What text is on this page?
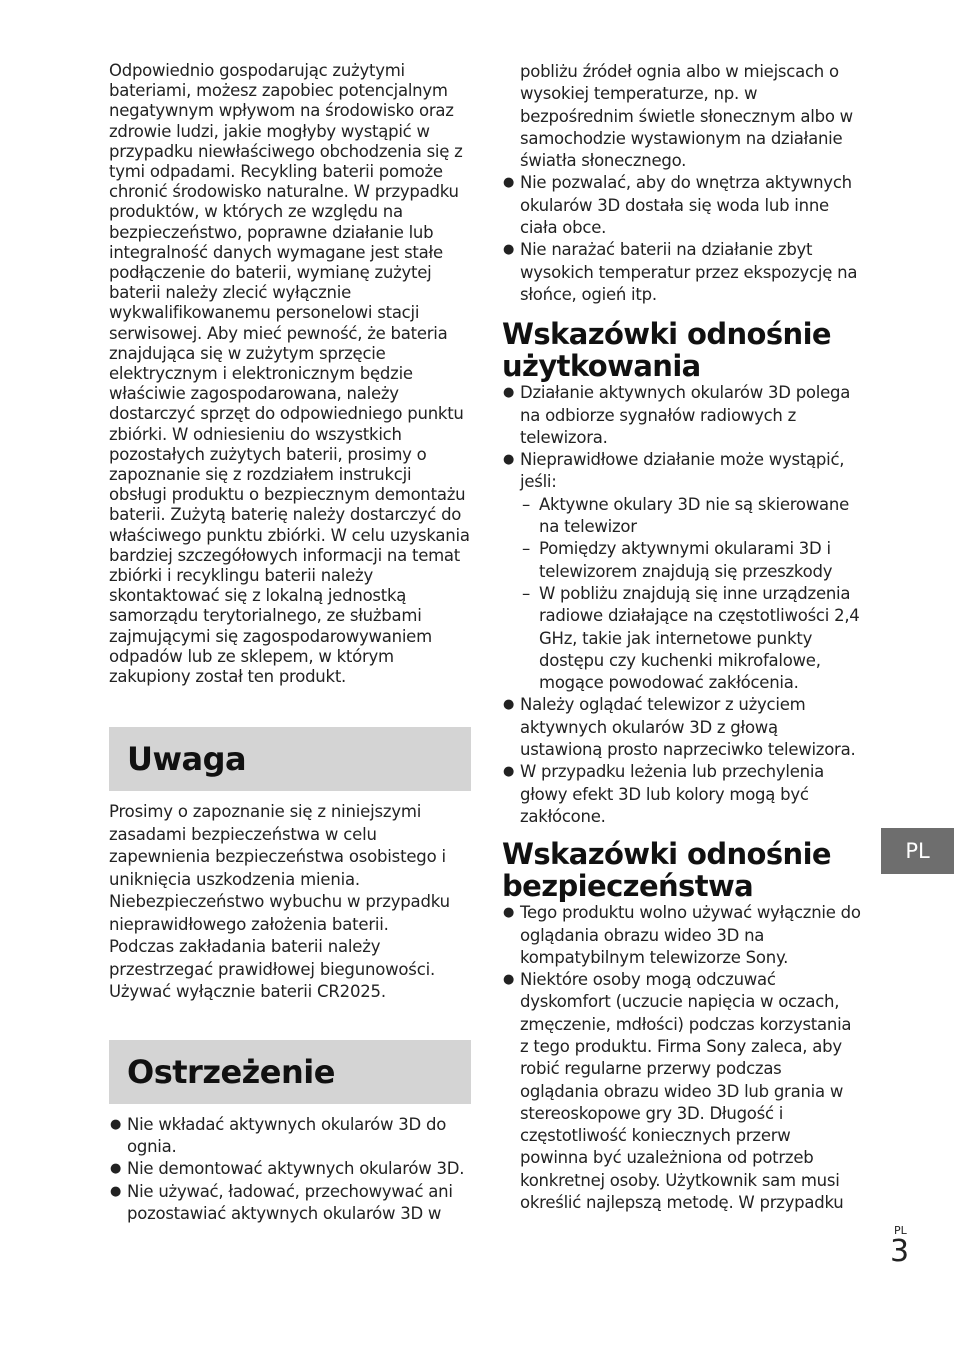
Odpowiednio gospodarując zużytymi bateriami, możesz zapobiec potencjalnym negatywnym wpływom na środowisko oraz zdrowie ludzi, jakie mogłyby wystąpić w przypadku niewłaściwego obchodzenia się z tymi odpadami. Recykling baterii pomoże chronić środowisko naturalne. W przypadku produktów, w których ze względu na bezpieczeństwo, poprawne działanie lub integralność danych wymagane jest stałe podłączenie do baterii, wymianę zużytej baterii należy zlecić wyłącznie wykwalifikowanemu personelowi stacji serwisowej. Aby mieć pewność, że bateria znajdująca się w zużytym sprzęcie elektrycznym i elektronicznym będzie właściwie zagospodarowana, należy dostarczyć sprzęt do odpowiedniego punktu zbiórki. W odniesieniu do wszystkich pozostałych zużytych baterii, prosimy o zapoznanie się z rozdziałem instrukcji obsługi produktu o bezpiecznym demontażu baterii. Zużytą baterię należy dostarczyć do właściwego punktu zbiórki. W celu uzyskania bardziej szczegółowych informacji na temat zbiórki i recyklingu baterii należy skontaktować się z lokalną jednostką samorządu terytorialnego, ze służbami zajmującymi się zagospodarowywaniem odpadów lub ze sklepem, w którym zakupiony został ten produkt.

Uwaga
Prosimy o zapoznanie się z niniejszymi
zasadami bezpieczeństwa w celu
zapewnienia bezpieczeństwa osobistego i
uniknięcia uszkodzenia mienia.
Niebezpieczeństwo wybuchu w przypadku
nieprawidłowego założenia baterii.
Podczas zakładania baterii należy
przestrzegać prawidłowej biegunowości.
Używać wyłącznie baterii CR2025.
Ostrzeżenie
● Nie wkładać aktywnych okularów 3D do ognia.
● Nie demontować aktywnych okularów 3D.
● Nie używać, ładować, przechowywać ani pozostawiać aktywnych okularów 3D w
pobliżu źródeł ognia albo w miejscach o wysokiej temperaturze, np. w bezpośrednim świetle słonecznym albo w samochodzie wystawionym na działanie światła słonecznego.
● Nie pozwalać, aby do wnętrza aktywnych okularów 3D dostała się woda lub inne ciała obce.
● Nie narażać baterii na działanie zbyt wysokich temperatur przez ekspozycję na słońce, ogień itp.
Wskazówki odnośnie
użytkowania
● Działanie aktywnych okularów 3D polega na odbiorze sygnałów radiowych z telewizora.
● Nieprawidłowe działanie może wystąpić, jeśli:
– Aktywne okulary 3D nie są skierowane na telewizor
– Pomiędzy aktywnymi okularami 3D i telewizorem znajdują się przeszkody
– W pobliżu znajdują się inne urządzenia radiowe działające na częstotliwości 2,4 GHz, takie jak internetowe punkty dostępu czy kuchenki mikrofalowe, mogące powodować zakłócenia.
● Należy oglądać telewizor z użyciem aktywnych okularów 3D z głową ustawioną prosto naprzeciwko telewizora.
● W przypadku leżenia lub przechylenia głowy efekt 3D lub kolory mogą być zakłócone.
Wskazówki odnośnie
bezpieczeństwa
● Tego produktu wolno używać wyłącznie do oglądania obrazu wideo 3D na kompatybilnym telewizorze Sony.
● Niektóre osoby mogą odczuwać dyskomfort (uczucie napięcia w oczach, zmęczenie, mdłości) podczas korzystania z tego produktu. Firma Sony zaleca, aby robić regularne przerwy podczas oglądania obrazu wideo 3D lub grania w stereoskopowe gry 3D. Długość i częstotliwość koniecznych przerw powinna być uzależniona od potrzeb konkretnej osoby. Użytkownik sam musi określić najlepszą metodę. W przypadku
PL
PL
3
